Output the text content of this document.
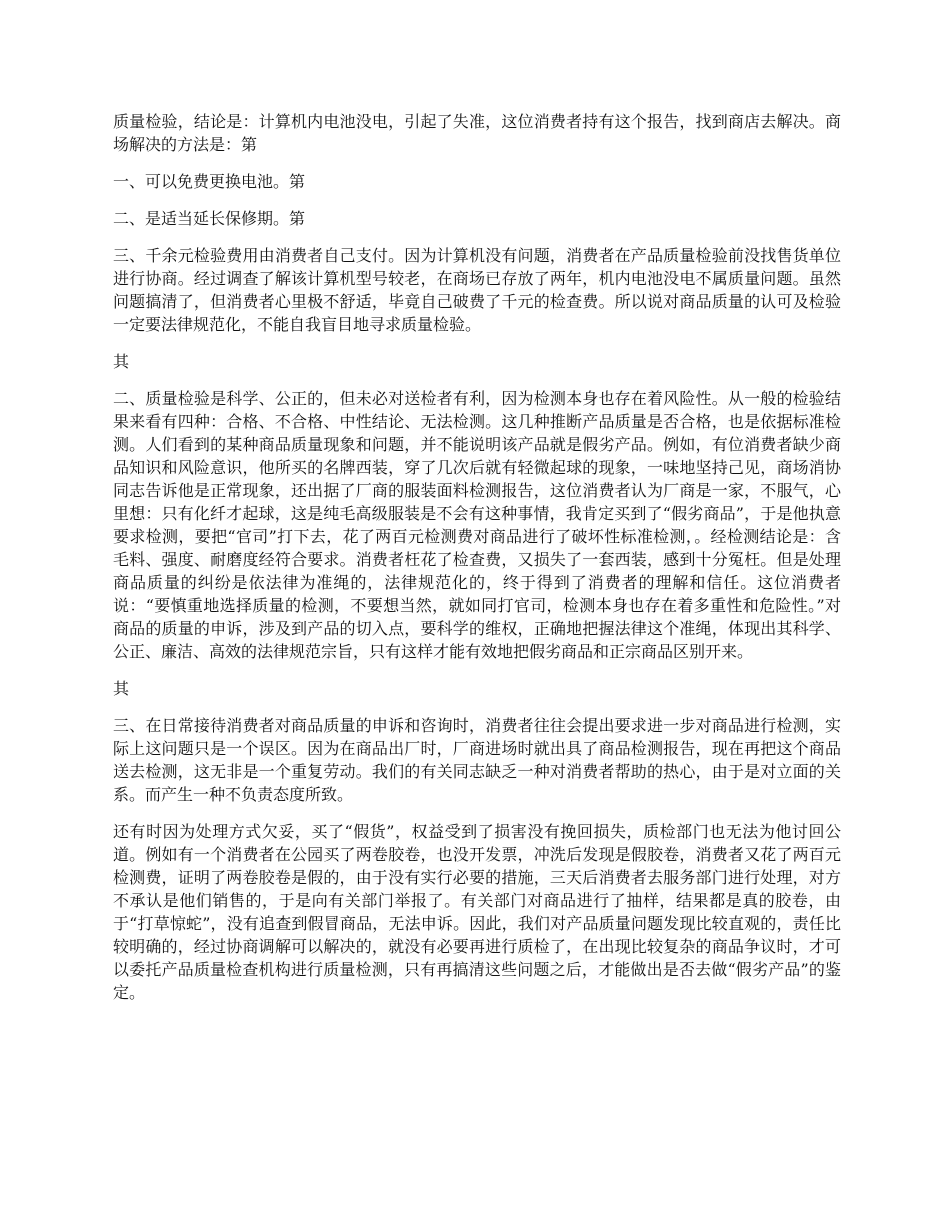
质量检验，结论是：计算机内电池没电，引起了失准，这位消费者持有这个报告，找到商店去解决。商场解决的方法是：第

一、可以免费更换电池。第

二、是适当延长保修期。第

三、千余元检验费用由消费者自己支付。因为计算机没有问题，消费者在产品质量检验前没找售货单位进行协商。经过调查了解该计算机型号较老，在商场已存放了两年，机内电池没电不属质量问题。虽然问题搞清了，但消费者心里极不舒适，毕竟自己破费了千元的检查费。所以说对商品质量的认可及检验一定要法律规范化，不能自我盲目地寻求质量检验。

其

二、质量检验是科学、公正的，但未必对送检者有利，因为检测本身也存在着风险性。从一般的检验结果来看有四种：合格、不合格、中性结论、无法检测。这几种推断产品质量是否合格，也是依据标准检测。人们看到的某种商品质量现象和问题，并不能说明该产品就是假劣产品。例如，有位消费者缺少商品知识和风险意识，他所买的名牌西装，穿了几次后就有轻微起球的现象，一味地坚持己见，商场消协同志告诉他是正常现象，还出据了厂商的服装面料检测报告，这位消费者认为厂商是一家，不服气，心里想：只有化纤才起球，这是纯毛高级服装是不会有这种事情，我肯定买到了“假劣商品”，于是他执意要求检测，要把“官司”打下去，花了两百元检测费对商品进行了破坏性标准检测，。经检测结论是：含毛料、强度、耐磨度经符合要求。消费者枉花了检查费，又损失了一套西装，感到十分冤枉。但是处理商品质量的纠纷是依法律为准绳的，法律规范化的，终于得到了消费者的理解和信任。这位消费者说：“要慎重地选择质量的检测，不要想当然，就如同打官司，检测本身也存在着多重性和危险性。”对商品的质量的申诉，涉及到产品的切入点，要科学的维权，正确地把握法律这个准绳，体现出其科学、公正、廉洁、高效的法律规范宗旨，只有这样才能有效地把假劣商品和正宗商品区别开来。

其

三、在日常接待消费者对商品质量的申诉和咨询时，消费者往往会提出要求进一步对商品进行检测，实际上这问题只是一个误区。因为在商品出厂时，厂商进场时就出具了商品检测报告，现在再把这个商品送去检测，这无非是一个重复劳动。我们的有关同志缺乏一种对消费者帮助的热心，由于是对立面的关系。而产生一种不负责态度所致。

还有时因为处理方式欠妥，买了“假货”，权益受到了损害没有挽回损失，质检部门也无法为他讨回公道。例如有一个消费者在公园买了两卷胶卷，也没开发票，冲洗后发现是假胶卷，消费者又花了两百元检测费，证明了两卷胶卷是假的，由于没有实行必要的措施，三天后消费者去服务部门进行处理，对方不承认是他们销售的，于是向有关部门举报了。有关部门对商品进行了抽样，结果都是真的胶卷，由于“打草惊蛇”，没有追查到假冒商品，无法申诉。因此，我们对产品质量问题发现比较直观的，责任比较明确的，经过协商调解可以解决的，就没有必要再进行质检了，在出现比较复杂的商品争议时，才可以委托产品质量检查机构进行质量检测，只有再搞清这些问题之后，才能做出是否去做“假劣产品”的鉴定。
